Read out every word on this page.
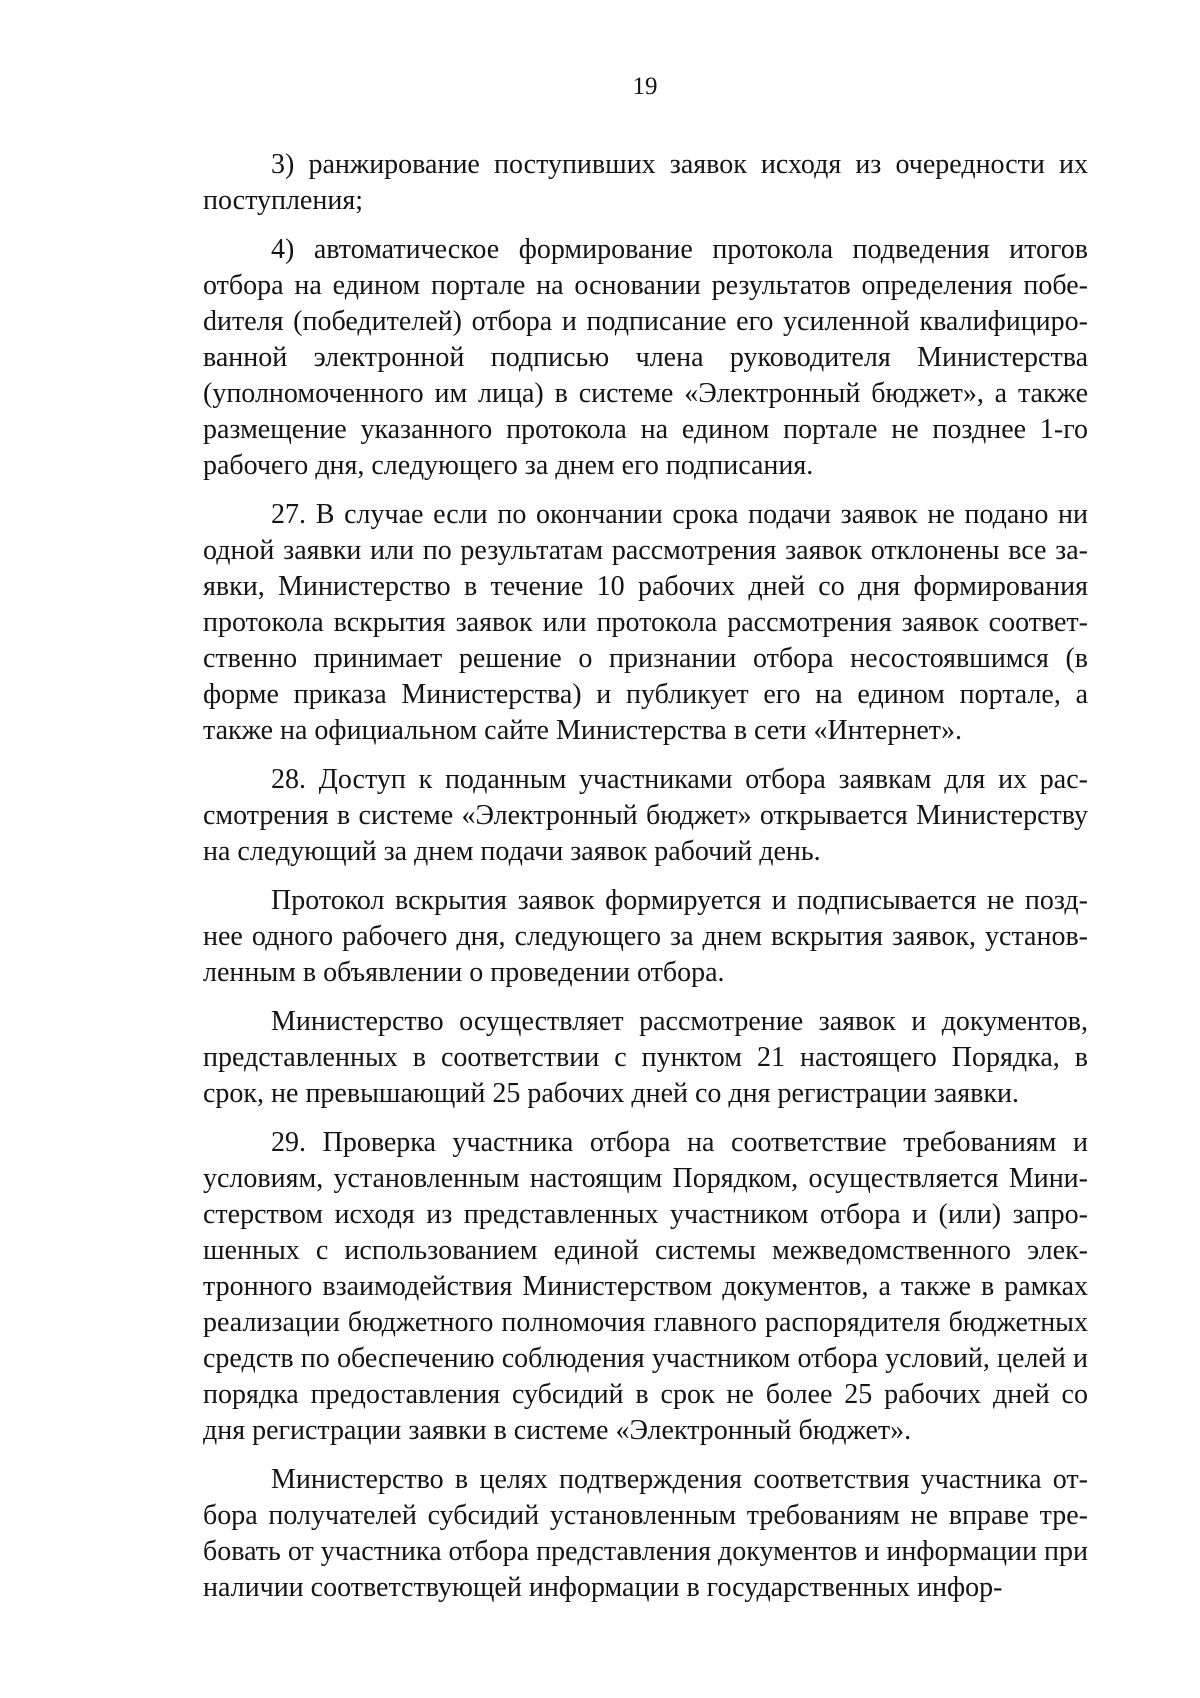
19

3) ранжирование поступивших заявок исходя из очередности их поступления;

4) автоматическое формирование протокола подведения итогов отбора на едином портале на основании результатов определения побеdителя (победителей) отбора и подписание его усиленной квалифицированной электронной подписью члена руководителя Министерства (уполномоченного им лица) в системе «Электронный бюджет», а также размещение указанного протокола на едином портале не позднее 1-го рабочего дня, следующего за днем его подписания.

27. В случае если по окончании срока подачи заявок не подано ни одной заявки или по результатам рассмотрения заявок отклонены все заявки, Министерство в течение 10 рабочих дней со дня формирования протокола вскрытия заявок или протокола рассмотрения заявок соответственно принимает решение о признании отбора несостоявшимся (в форме приказа Министерства) и публикует его на едином портале, а также на официальном сайте Министерства в сети «Интернет».

28. Доступ к поданным участниками отбора заявкам для их рассмотрения в системе «Электронный бюджет» открывается Министерству на следующий за днем подачи заявок рабочий день.

Протокол вскрытия заявок формируется и подписывается не позднее одного рабочего дня, следующего за днем вскрытия заявок, установленным в объявлении о проведении отбора.

Министерство осуществляет рассмотрение заявок и документов, представленных в соответствии с пунктом 21 настоящего Порядка, в срок, не превышающий 25 рабочих дней со дня регистрации заявки.

29. Проверка участника отбора на соответствие требованиям и условиям, установленным настоящим Порядком, осуществляется Министерством исходя из представленных участником отбора и (или) запрошенных с использованием единой системы межведомственного электронного взаимодействия Министерством документов, а также в рамках реализации бюджетного полномочия главного распорядителя бюджетных средств по обеспечению соблюдения участником отбора условий, целей и порядка предоставления субсидий в срок не более 25 рабочих дней со дня регистрации заявки в системе «Электронный бюджет».

Министерство в целях подтверждения соответствия участника отбора получателей субсидий установленным требованиям не вправе требовать от участника отбора представления документов и информации при наличии соответствующей информации в государственных инфор-
